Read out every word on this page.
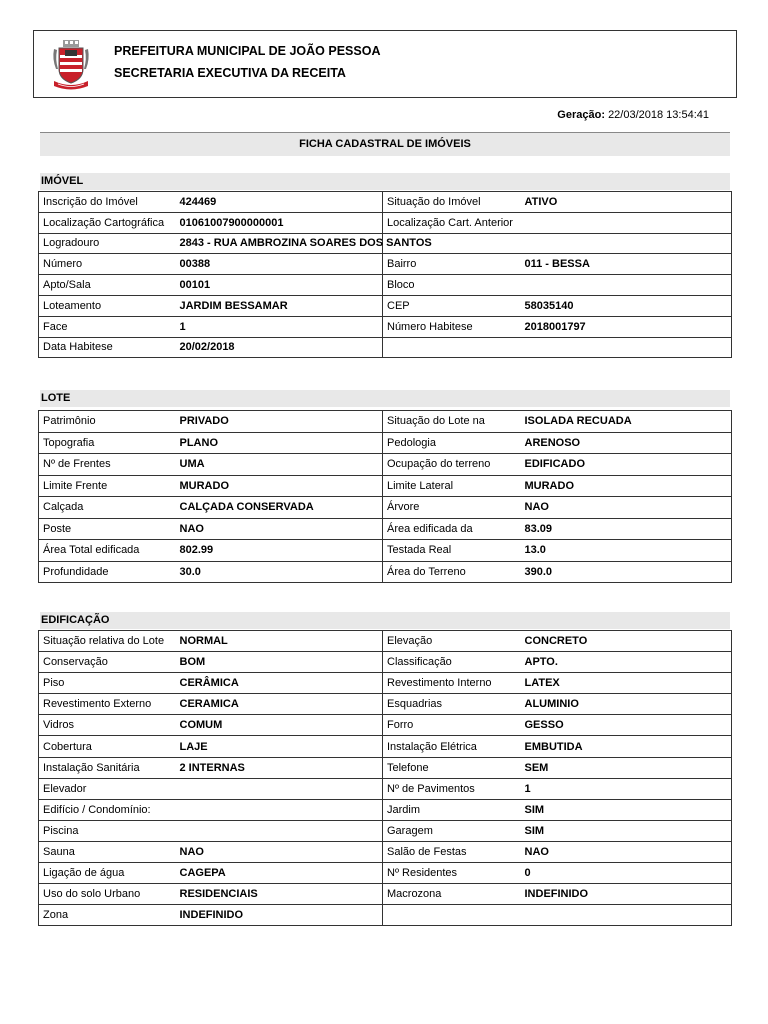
PREFEITURA MUNICIPAL DE JOÃO PESSOA
SECRETARIA EXECUTIVA DA RECEITA
Geração: 22/03/2018 13:54:41
FICHA CADASTRAL DE IMÓVEIS
IMÓVEL
Inscrição do Imóvel	424469	Situação do Imóvel	ATIVO
Localização Cartográfica	01061007900000001	Localização Cart. Anterior	
Logradouro	2843 - RUA AMBROZINA SOARES DOS SANTOS		
Número	00388	Bairro	011 - BESSA
Apto/Sala	00101	Bloco	
Loteamento	JARDIM BESSAMAR	CEP	58035140
Face	1	Número Habitese	2018001797
Data Habitese	20/02/2018		
LOTE
Patrimônio	PRIVADO	Situação do Lote na	ISOLADA RECUADA
Topografia	PLANO	Pedologia	ARENOSO
Nº de Frentes	UMA	Ocupação do terreno	EDIFICADO
Limite Frente	MURADO	Limite Lateral	MURADO
Calçada	CALÇADA CONSERVADA	Árvore	NAO
Poste	NAO	Área edificada da	83.09
Área Total edificada	802.99	Testada Real	13.0
Profundidade	30.0	Área do Terreno	390.0
EDIFICAÇÃO
Situação relativa do Lote	NORMAL	Elevação	CONCRETO
Conservação	BOM	Classificação	APTO.
Piso	CERÂMICA	Revestimento Interno	LATEX
Revestimento Externo	CERAMICA	Esquadrias	ALUMINIO
Vidros	COMUM	Forro	GESSO
Cobertura	LAJE	Instalação Elétrica	EMBUTIDA
Instalação Sanitária	2 INTERNAS	Telefone	SEM
Elevador		Nº de Pavimentos	1
Edifício / Condomínio:		Jardim	SIM
Piscina		Garagem	SIM
Sauna	NAO	Salão de Festas	NAO
Ligação de água	CAGEPA	Nº Residentes	0
Uso do solo Urbano	RESIDENCIAIS	Macrozona	INDEFINIDO
Zona	INDEFINIDO		
